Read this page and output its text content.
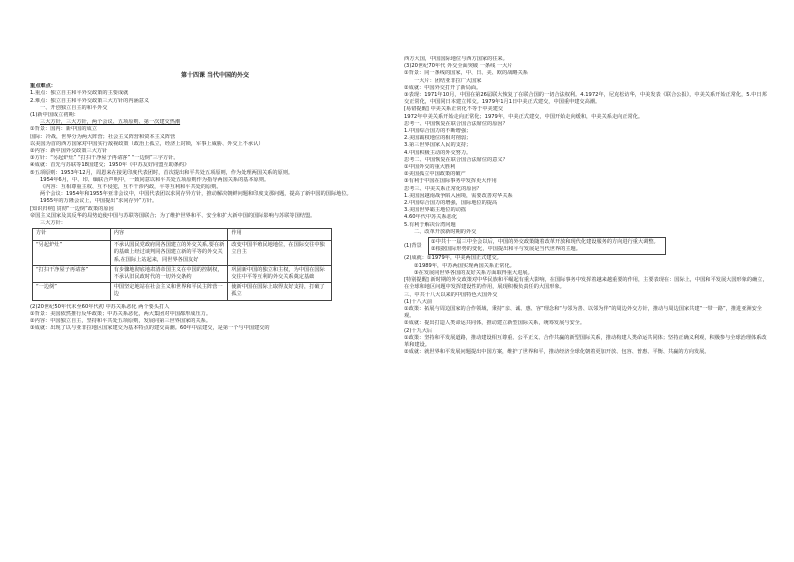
第十四课 当代中国的外交
重点难点：
1.重点：独立自主和平外交政策的主要成就
2.难点：独立自主和平外交政策三大方针的内涵意义
一、开创独立自主的和平外交
(1)新中国成立初期：
三大方针，三大方针，两个会议、五项原则、第一次建交热潮
①背景：国内：新中国的成立
国际：冷战，世界分为两大阵营；社会主义阵营和资本主义阵营
以美国为首的西方国家对中国实行敌视政策（政治上孤立，经济上封锁，军事上威胁、外交上不承认）
②内容：新中国外交政策三大方针
③方针：“另起炉灶” “打扫干净屋子再请客” “一边倒”三字方针。
④成就：首先与苏联等18国建交；1950年《中苏友好同盟互助条约》
⑤五项原则：1953年12月，周恩来在接见印度代表团时，首次提出和平共处五项原则，作为处理两国关系的原则。
1954年6月，中、印、缅联合声明中，一致同意以和平共处五项原则作为指导两国关系的基本原则。
《内容：互相尊重主权、互不侵犯，互不干涉内政，平等互利和平共处的原则。
两个会议：1954年和1955年亚非会议中，中国代表团以求同存异方针，推动解决朝鲜问题和印度支那问题，提高了新中国的国际地位。
1955年的万隆会议上，中国提出“求同存异”方针。
[知识归纳] 贯彻“一边倒”政策的原因
帝国主义国家及其反华的局势迫使中国与苏联等国联合；为了维护世界和平、安全和扩大新中国的国际影响与苏联等国结盟。
三大方针：
方针	内容	作用
“另起炉灶”	不承认国民党政府同各国建立的外交关系,要在新的基础上经过谈判同各国建立新的平等的外交关系,在国际上站起来，同世界各国友好	改变中国半殖民地地位，在国际交往中独立自主
“打扫干净屋子再请客”	有步骤地彻底地肃清帝国主义在中国的控制权，不承认旧民政时代的一切外交条约	巩固新中国的独立和主权，为中国在国际交往中平等互利的外交关系奠定基础
“一边倒”	中国坚定地站在社会主义和世界和平民主阵营一边	使新中国在国际上取得友好支持，打破了孤立
(2)20世纪50年代末至60年代初 中苏关系恶化 两个要头打人
①背景：美国依然推行反华政策；中苏关系恶化，两大集团对中国都形成压力。
②内容：中国独立自主，坚持和平共处五项原则，发展同第三世界国家的关系。
③成就：出现了以与亚非拉地区国家建交为基本特点的建交高潮。60年中法建交，是第一个与中国建交的
西方大国，中国国际地位与西方国家的往来。
(3)20世纪70年代 外交全面突破 一条线 一大片
①背景：同一条线的国家，中、日、美、欧的战略关系
一大片：团结亚非拉广大国家
②成就：中国外交打开了新局面。
③表现：1971年10月，中国在第26届联大恢复了在联合国的一切合法权利。4.1972年，尼克松访华，中美发表《联合公报》，中美关系开始正常化，5.中日邦交正常化，中国同日本建立邦交。1979年1月1日中美正式建交，中国重申建交高潮。
[易错提醒] 中美关系正常化不等于中美建交
1972年中美关系开始走向正常化；1979年，中美正式建交，中国开始走向缓和，中美关系走向正常化。
思考一、中国恢复在联合国合法席位的原因？
1.中国综合国力的不断增强；
2.美国霸权地位的相对削弱；
3.第三世界国家人民的支持；
4.中国积极主动的外交努力。
思考二、中国恢复在联合国合法席位的意义？
①中国外交的重大胜利
②美国孤立中国政策的破产
③有利于中国在国际事务中发挥更大作用
思考三、中美关系正常化的原因？
1.美国因越南战争陷入困境，需要改善对华关系
2.中国综合国力的增强，国际地位的提高
3.美国世界霸主地位的动摇
4.60年代中苏关系恶化
5.有利于解决台湾问题
二、改革开放新时期的外交
(1)背景
①中共十一届三中全会以后，中国的外交政策随着改革开放和现代化建设服务的方向进行重大调整。
②根据国际形势的变化，中国提出和平与发展是当代世界的主题。
(2)成就：①1979年，中美两国正式建交。
②1989年，中苏两国实现两国关系正常化。
③在发展同世界各国的友好关系方面取得重大进展。
[特别提醒] 新时期的外交政策对中华民族和平崛起有重大影响，在国际事务中发挥着越来越重要的作用，主要表现在：国际上，中国和平发展大国形象的确立，在全球和地区问题中发挥建设性的作用，展现积极负责任的大国形象。
三、中共十八大以来的中国特色大国外交
(1)十八大前
①政策：拓展与周边国家的合作领域，秉持“亲、诚、惠、容”理念和“与邻为善、以邻为伴”的周边外交方针，推动与周边国家共建“一带一路”，推进亚洲安全观。
②成就：提出打造人类命运共同体，推动建立新型国际关系，统筹发展与安全。
(2)十九大后
①政策：坚持和平发展道路，推动建设相互尊重、公平正义、合作共赢的新型国际关系，推动构建人类命运共同体；坚持正确义利观，积极参与全球治理体系改革和建设。
②成就：就世界和平发展问题提出中国方案，维护了世界和平，推动经济全球化朝着更加开放、包容、普惠、平衡、共赢的方向发展。
